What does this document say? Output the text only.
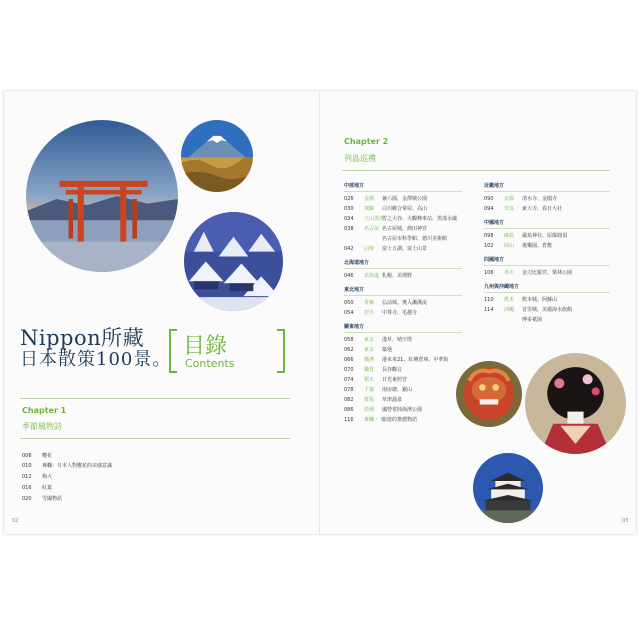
Nippon所藏
日本散策100景。
目錄
Contents
Chapter 1
季節風物詩
006 櫻花
010 專欄：日本人對櫻花的美感意識
012 梅大
016 紅葉
020 雪國物語
02
Chapter 2
列島巡禮
中部地方
026 金澤 兼六園、金澤城公園
030 飛驒 白川鄉合掌屋、高山
034 立山黑部雪之大谷、大觀峰車站、黑部水壩
038 名古屋 名古屋城、熱田神宮
名古屋市科學館、德川美術館
042 山梨 富士五湖、富士山景
北海道地方
046 北海道 札幌、美瑛野
東北地方
050 青森 弘前城、奧入瀨溪流
054 岩手 中尊寺、毛越寺
關東地方
058 東京 淺草、晴空塔
062 東京 築地
066 橫濱 港未來21、紅磚倉庫、中華街
070 鎌倉 長谷觀音
074 栃木 日光東照宮
078 千葉 南房總、鋸山
082 群馬 草津溫泉
086 茨城 國營常陸海濱公園
116 專欄・下旅遊的推薦物語
近畿地方
090 京都 清水寺、金閣寺
094 奈良 東大寺、春日大社
中國地方
098 廣島 嚴島神社、原爆圓頂
102 岡山 後樂園、倉敷
四國地方
106 香川 金刀比羅宮、栗林公園
九州與沖繩地方
110 熊本 熊本城、阿蘇山
114 沖繩 首里城、美麗海水族館
博多祇園
03
